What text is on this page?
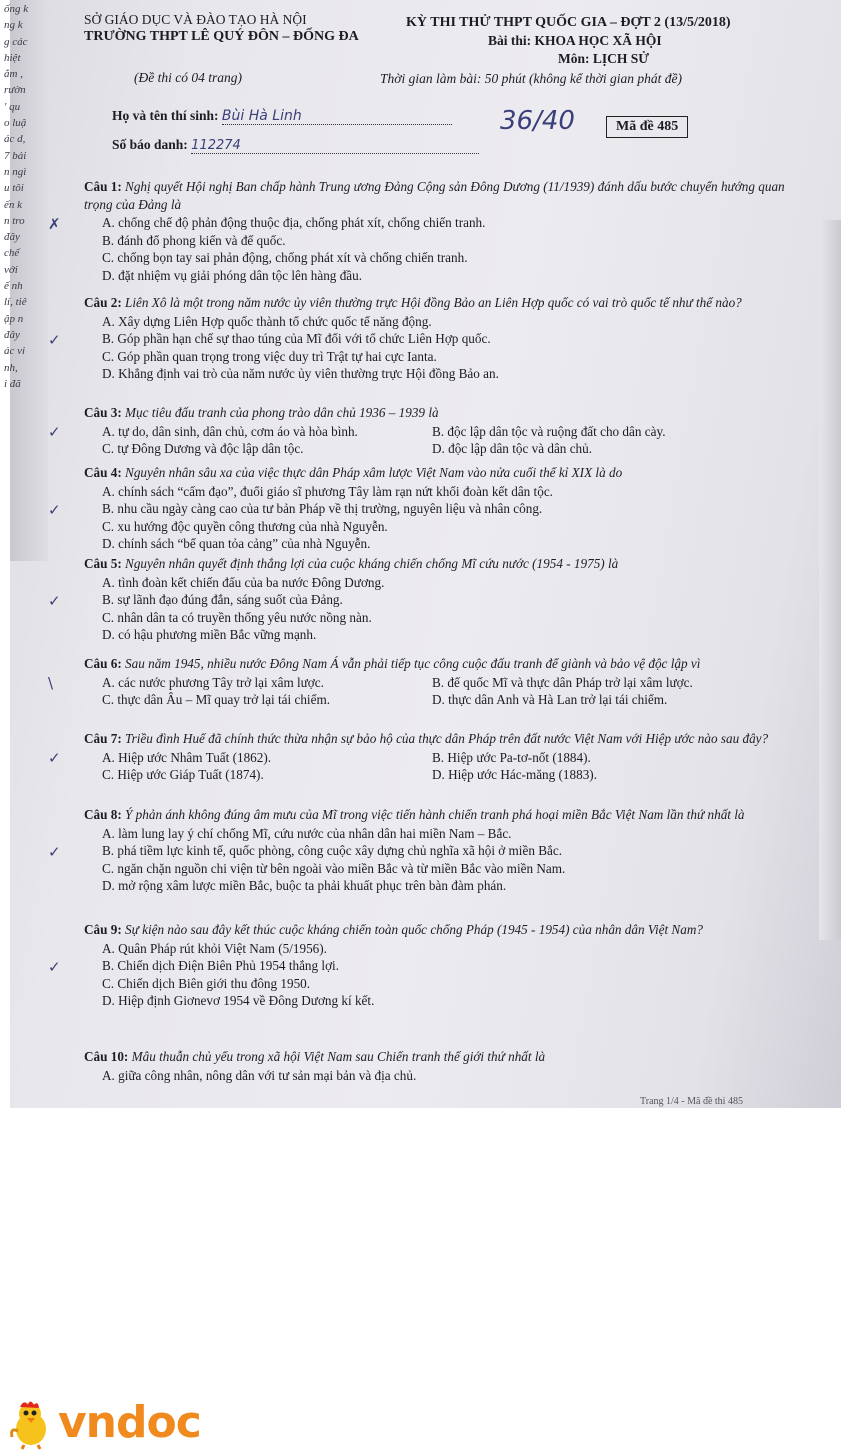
ống k
ng k
g các
hiệt
ắm ,
rườn
' qu
o luậ
ác d,
7 bải
n ngì
u tôi
ến k
n tro
đây
chế
với
ế nh
lí, tiê
ập n
đây
ác vi
nh,
i đã
SỞ GIÁO DỤC VÀ ĐÀO TẠO HÀ NỘI
TRƯỜNG THPT LÊ QUÝ ĐÔN – ĐỐNG ĐA
(Đề thi có 04 trang)
KỲ THI THỬ THPT QUỐC GIA – ĐỢT 2 (13/5/2018)
Bài thi: KHOA HỌC XÃ HỘI
Môn: LỊCH SỬ
Thời gian làm bài: 50 phút (không kể thời gian phát đề)
Họ và tên thí sinh: Bùi Hà Linh	36/40	Mã đề 485
Số báo danh: 112274
Câu 1: Nghị quyết Hội nghị Ban chấp hành Trung ương Đảng Cộng sản Đông Dương (11/1939) đánh dấu bước chuyển hướng quan trọng của Đảng là
A. chống chế độ phản động thuộc địa, chống phát xít, chống chiến tranh.
B. đánh đổ phong kiến và đế quốc.
C. chống bọn tay sai phản động, chống phát xít và chống chiến tranh.
D. đặt nhiệm vụ giải phóng dân tộc lên hàng đầu.
✗
Câu 2: Liên Xô là một trong năm nước ủy viên thường trực Hội đồng Bảo an Liên Hợp quốc có vai trò quốc tế như thế nào?
A. Xây dựng Liên Hợp quốc thành tổ chức quốc tế năng động.
B. Góp phần hạn chế sự thao túng của Mĩ đối với tổ chức Liên Hợp quốc.
C. Góp phần quan trọng trong việc duy trì Trật tự hai cực Ianta.
D. Khẳng định vai trò của năm nước ủy viên thường trực Hội đồng Bảo an.
✓
Câu 3: Mục tiêu đấu tranh của phong trào dân chủ 1936 – 1939 là
A. tự do, dân sinh, dân chủ, cơm áo và hòa bình.	B. độc lập dân tộc và ruộng đất cho dân cày.
C. tự Đông Dương và độc lập dân tộc.	D. độc lập dân tộc và dân chủ.
✓
Câu 4: Nguyên nhân sâu xa của việc thực dân Pháp xâm lược Việt Nam vào nửa cuối thế kỉ XIX là do
A. chính sách “cấm đạo”, đuổi giáo sĩ phương Tây làm rạn nứt khối đoàn kết dân tộc.
B. nhu cầu ngày càng cao của tư bản Pháp về thị trường, nguyên liệu và nhân công.
C. xu hướng độc quyền công thương của nhà Nguyễn.
D. chính sách “bế quan tỏa cảng” của nhà Nguyễn.
✓
Câu 5: Nguyên nhân quyết định thắng lợi của cuộc kháng chiến chống Mĩ cứu nước (1954 - 1975) là
A. tình đoàn kết chiến đấu của ba nước Đông Dương.
B. sự lãnh đạo đúng đắn, sáng suốt của Đảng.
C. nhân dân ta có truyền thống yêu nước nồng nàn.
D. có hậu phương miền Bắc vững mạnh.
✓
Câu 6: Sau năm 1945, nhiều nước Đông Nam Á vẫn phải tiếp tục công cuộc đấu tranh để giành và bảo vệ độc lập vì
A. các nước phương Tây trở lại xâm lược.	B. đế quốc Mĩ và thực dân Pháp trở lại xâm lược.
C. thực dân Âu – Mĩ quay trở lại tái chiếm.	D. thực dân Anh và Hà Lan trở lại tái chiếm.
\
Câu 7: Triều đình Huế đã chính thức thừa nhận sự bảo hộ của thực dân Pháp trên đất nước Việt Nam với Hiệp ước nào sau đây?
A. Hiệp ước Nhâm Tuất (1862).	B. Hiệp ước Pa-tơ-nốt (1884).
C. Hiệp ước Giáp Tuất (1874).	D. Hiệp ước Hác-măng (1883).
✓
Câu 8: Ý phản ánh không đúng âm mưu của Mĩ trong việc tiến hành chiến tranh phá hoại miền Bắc Việt Nam lần thứ nhất là
A. làm lung lay ý chí chống Mĩ, cứu nước của nhân dân hai miền Nam – Bắc.
B. phá tiềm lực kinh tế, quốc phòng, công cuộc xây dựng chủ nghĩa xã hội ở miền Bắc.
C. ngăn chặn nguồn chi viện từ bên ngoài vào miền Bắc và từ miền Bắc vào miền Nam.
D. mở rộng xâm lược miền Bắc, buộc ta phải khuất phục trên bàn đàm phán.
✓
Câu 9: Sự kiện nào sau đây kết thúc cuộc kháng chiến toàn quốc chống Pháp (1945 - 1954) của nhân dân Việt Nam?
A. Quân Pháp rút khỏi Việt Nam (5/1956).
B. Chiến dịch Điện Biên Phủ 1954 thắng lợi.
C. Chiến dịch Biên giới thu đông 1950.
D. Hiệp định Giơnevơ 1954 về Đông Dương kí kết.
✓
Câu 10: Mâu thuẫn chủ yếu trong xã hội Việt Nam sau Chiến tranh thế giới thứ nhất là
A. giữa công nhân, nông dân với tư sản mại bản và địa chủ.
Trang 1/4 - Mã đề thi 485
vndoc
